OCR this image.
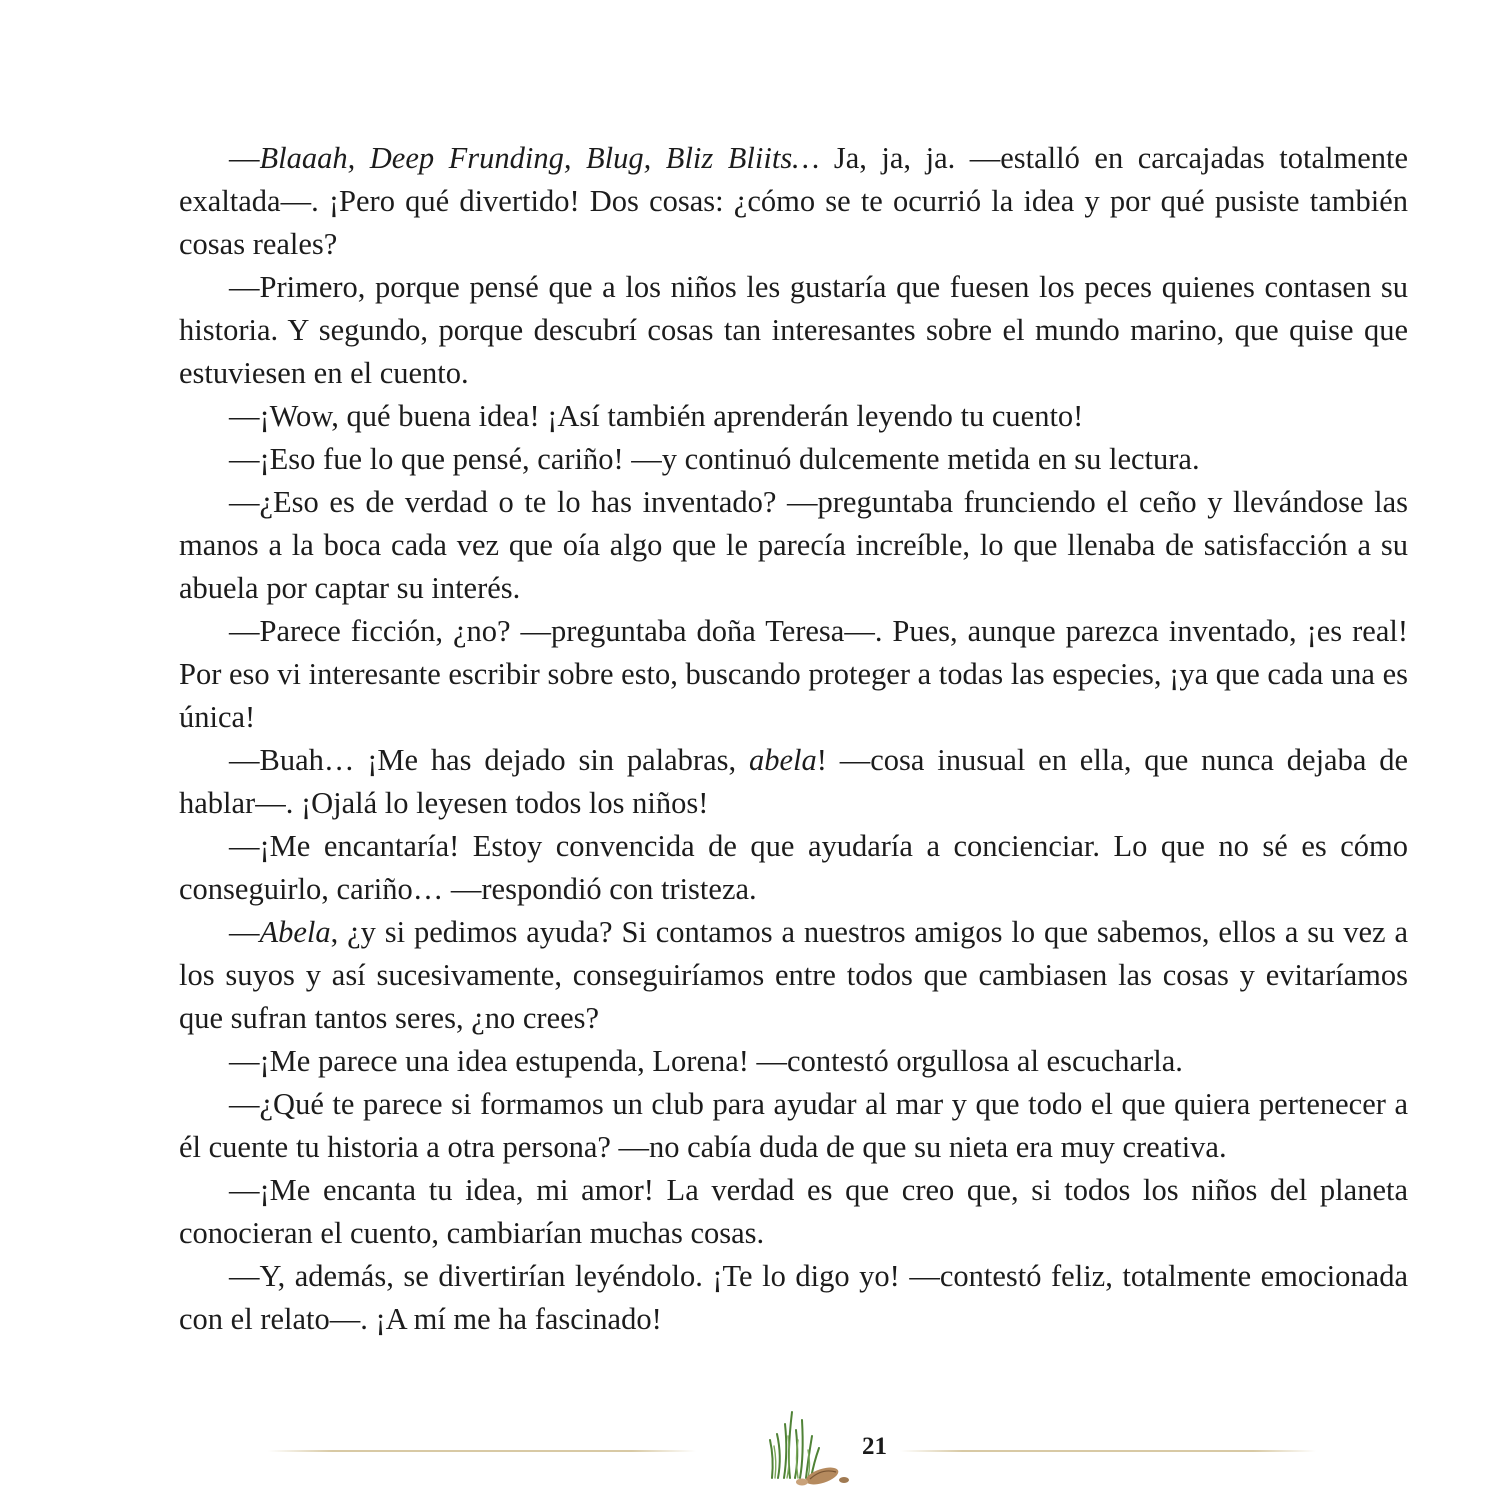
—Blaaah, Deep Frunding, Blug, Bliz Bliits… Ja, ja, ja. —estalló en carcajadas totalmente exaltada—. ¡Pero qué divertido! Dos cosas: ¿cómo se te ocurrió la idea y por qué pusiste también cosas reales?

—Primero, porque pensé que a los niños les gustaría que fuesen los peces quienes contasen su historia. Y segundo, porque descubrí cosas tan interesantes sobre el mundo marino, que quise que estuviesen en el cuento.

—¡Wow, qué buena idea! ¡Así también aprenderán leyendo tu cuento!

—¡Eso fue lo que pensé, cariño! —y continuó dulcemente metida en su lectura.

—¿Eso es de verdad o te lo has inventado? —preguntaba frunciendo el ceño y llevándose las manos a la boca cada vez que oía algo que le parecía increíble, lo que llenaba de satisfacción a su abuela por captar su interés.

—Parece ficción, ¿no? —preguntaba doña Teresa—. Pues, aunque parezca inventado, ¡es real! Por eso vi interesante escribir sobre esto, buscando proteger a todas las especies, ¡ya que cada una es única!

—Buah… ¡Me has dejado sin palabras, abela! —cosa inusual en ella, que nunca dejaba de hablar—. ¡Ojalá lo leyesen todos los niños!

—¡Me encantaría! Estoy convencida de que ayudaría a concienciar. Lo que no sé es cómo conseguirlo, cariño… —respondió con tristeza.

—Abela, ¿y si pedimos ayuda? Si contamos a nuestros amigos lo que sabemos, ellos a su vez a los suyos y así sucesivamente, conseguiríamos entre todos que cambiasen las cosas y evitaríamos que sufran tantos seres, ¿no crees?

—¡Me parece una idea estupenda, Lorena! —contestó orgullosa al escucharla.

—¿Qué te parece si formamos un club para ayudar al mar y que todo el que quiera pertenecer a él cuente tu historia a otra persona? —no cabía duda de que su nieta era muy creativa.

—¡Me encanta tu idea, mi amor! La verdad es que creo que, si todos los niños del planeta conocieran el cuento, cambiarían muchas cosas.

—Y, además, se divertirían leyéndolo. ¡Te lo digo yo! —contestó feliz, totalmente emocionada con el relato—. ¡A mí me ha fascinado!

21
